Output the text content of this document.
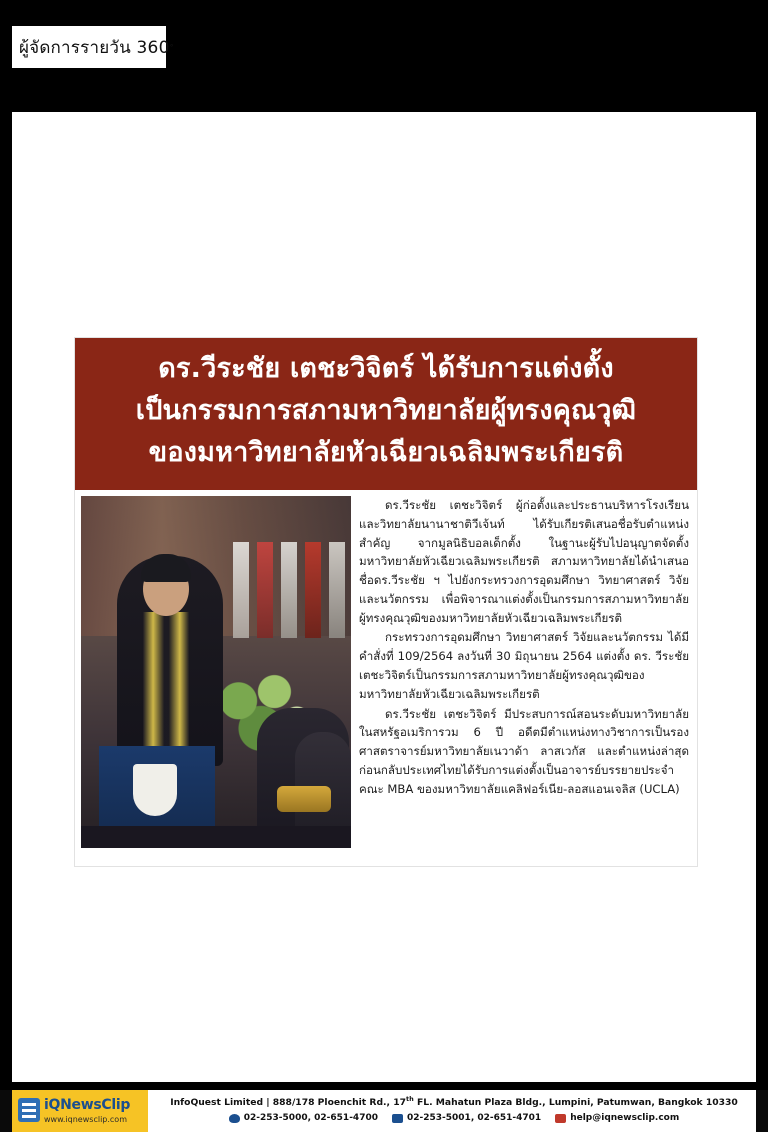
ผู้จัดการรายวัน 360 °
ดร.วีระชัย เตชะวิจิตร์ ได้รับการแต่งตั้ง
เป็นกรรมการสภามหาวิทยาลัยผู้ทรงคุณวุฒิ
ของมหาวิทยาลัยหัวเฉียวเฉลิมพระเกียรติ

ดร.วีระชัย เตชะวิจิตร์ ผู้ก่อตั้งและประธานบริหารโรงเรียนและวิทยาลัยนานาชาติวีเจ้นท์ ได้รับเกียรติเสนอชื่อรับตำแหน่งสำคัญ จากมูลนิธิบอลเด็กตั้ง ในฐานะผู้รับไปอนุญาตจัดตั้งมหาวิทยาลัยหัวเฉียวเฉลิมพระเกียรติ สภามหาวิทยาลัยได้นำเสนอชื่อดร.วีระชัย ฯ ไปยังกระทรวงการอุดมศึกษา วิทยาศาสตร์ วิจัยและนวัตกรรม เพื่อพิจารณาแต่งตั้งเป็นกรรมการสภามหาวิทยาลัยผู้ทรงคุณวุฒิของมหาวิทยาลัยหัวเฉียวเฉลิมพระเกียรติ

กระทรวงการอุดมศึกษา วิทยาศาสตร์ วิจัยและนวัตกรรม ได้มีคำสั่งที่ 109/2564 ลงวันที่ 30 มิถุนายน 2564 แต่งตั้ง ดร. วีระชัย เตชะวิจิตร์เป็นกรรมการสภามหาวิทยาลัยผู้ทรงคุณวุฒิของมหาวิทยาลัยหัวเฉียวเฉลิมพระเกียรติ

ดร.วีระชัย เตชะวิจิตร์ มีประสบการณ์สอนระดับมหาวิทยาลัยในสหรัฐอเมริการวม 6 ปี อดีตมีตำแหน่งทางวิชาการเป็นรองศาสตราจารย์มหาวิทยาลัยเนวาด้า ลาสเวกัส และตำแหน่งล่าสุดก่อนกลับประเทศไทยได้รับการแต่งตั้งเป็นอาจารย์บรรยายประจำคณะ MBA ของมหาวิทยาลัยแคลิฟอร์เนีย-ลอสแอนเจลิส (UCLA)

iQNewsClip
www.iqnewsclip.com
InfoQuest Limited | 888/178 Ploenchit Rd., 17th FL. Mahatun Plaza Bldg., Lumpini, Patumwan, Bangkok 10330
02-253-5000, 02-651-4700	02-253-5001, 02-651-4701	help@iqnewsclip.com
